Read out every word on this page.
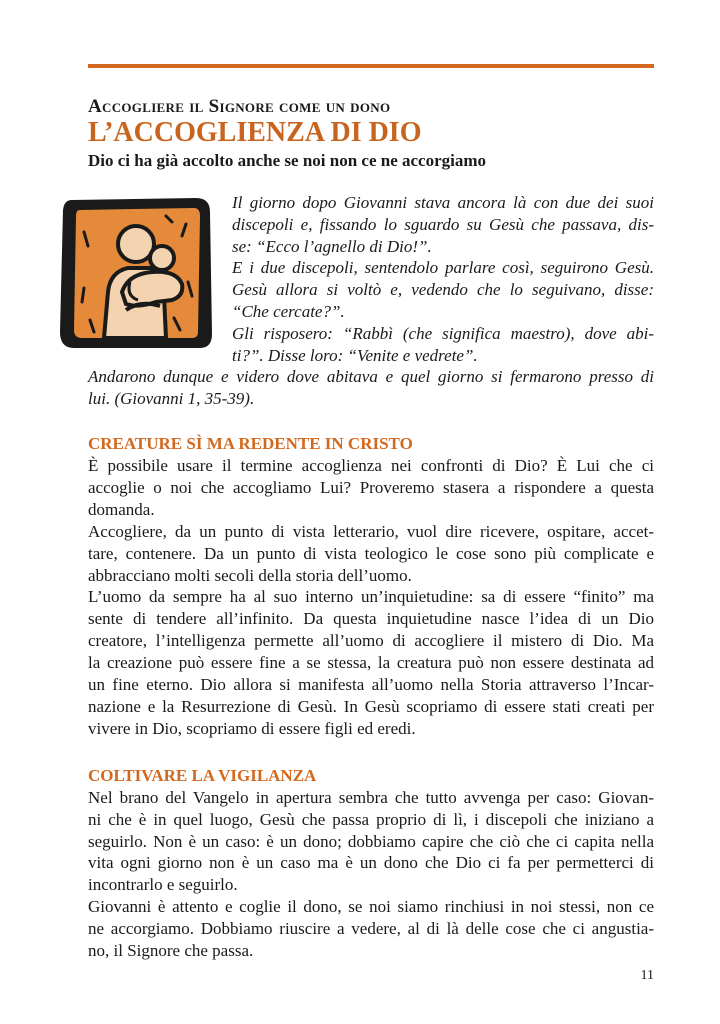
Accogliere il Signore come un dono
L’ACCOGLIENZA DI DIO
Dio ci ha già accolto anche se noi non ce ne accorgiamo
Il giorno dopo Giovanni stava ancora là con due dei suoi
discepoli e, fissando lo sguardo su Gesù che passava, dis-
se: “Ecco l’agnello di Dio!”.
E i due discepoli, sentendolo parlare così, seguirono Gesù.
Gesù allora si voltò e, vedendo che lo seguivano, disse:
“Che cercate?”.
Gli risposero: “Rabbì (che significa maestro), dove abi-
ti?”. Disse loro: “Venite e vedrete”.
Andarono dunque e videro dove abitava e quel giorno si fermarono presso di
lui. (Giovanni 1, 35-39).
CREATURE SÌ MA REDENTE IN CRISTO
È possibile usare il termine accoglienza nei confronti di Dio? È Lui che ci
accoglie o noi che accogliamo Lui? Proveremo stasera a rispondere a questa
domanda.
Accogliere, da un punto di vista letterario, vuol dire ricevere, ospitare, accet-
tare, contenere. Da un punto di vista teologico le cose sono più complicate e
abbracciano molti secoli della storia dell’uomo.
L’uomo da sempre ha al suo interno un’inquietudine: sa di essere “finito” ma
sente di tendere all’infinito. Da questa inquietudine nasce l’idea di un Dio
creatore, l’intelligenza permette all’uomo di accogliere il mistero di Dio. Ma
la creazione può essere fine a se stessa, la creatura può non essere destinata ad
un fine eterno. Dio allora si manifesta all’uomo nella Storia attraverso l’Incar-
nazione e la Resurrezione di Gesù. In Gesù scopriamo di essere stati creati per
vivere in Dio, scopriamo di essere figli ed eredi.
COLTIVARE LA VIGILANZA
Nel brano del Vangelo in apertura sembra che tutto avvenga per caso: Giovan-
ni che è in quel luogo, Gesù che passa proprio di lì, i discepoli che iniziano a
seguirlo. Non è un caso: è un dono; dobbiamo capire che ciò che ci capita nella
vita ogni giorno non è un caso ma è un dono che Dio ci fa per permetterci di
incontrarlo e seguirlo.
Giovanni è attento e coglie il dono, se noi siamo rinchiusi in noi stessi, non ce
ne accorgiamo. Dobbiamo riuscire a vedere, al di là delle cose che ci angustia-
no, il Signore che passa.
11
